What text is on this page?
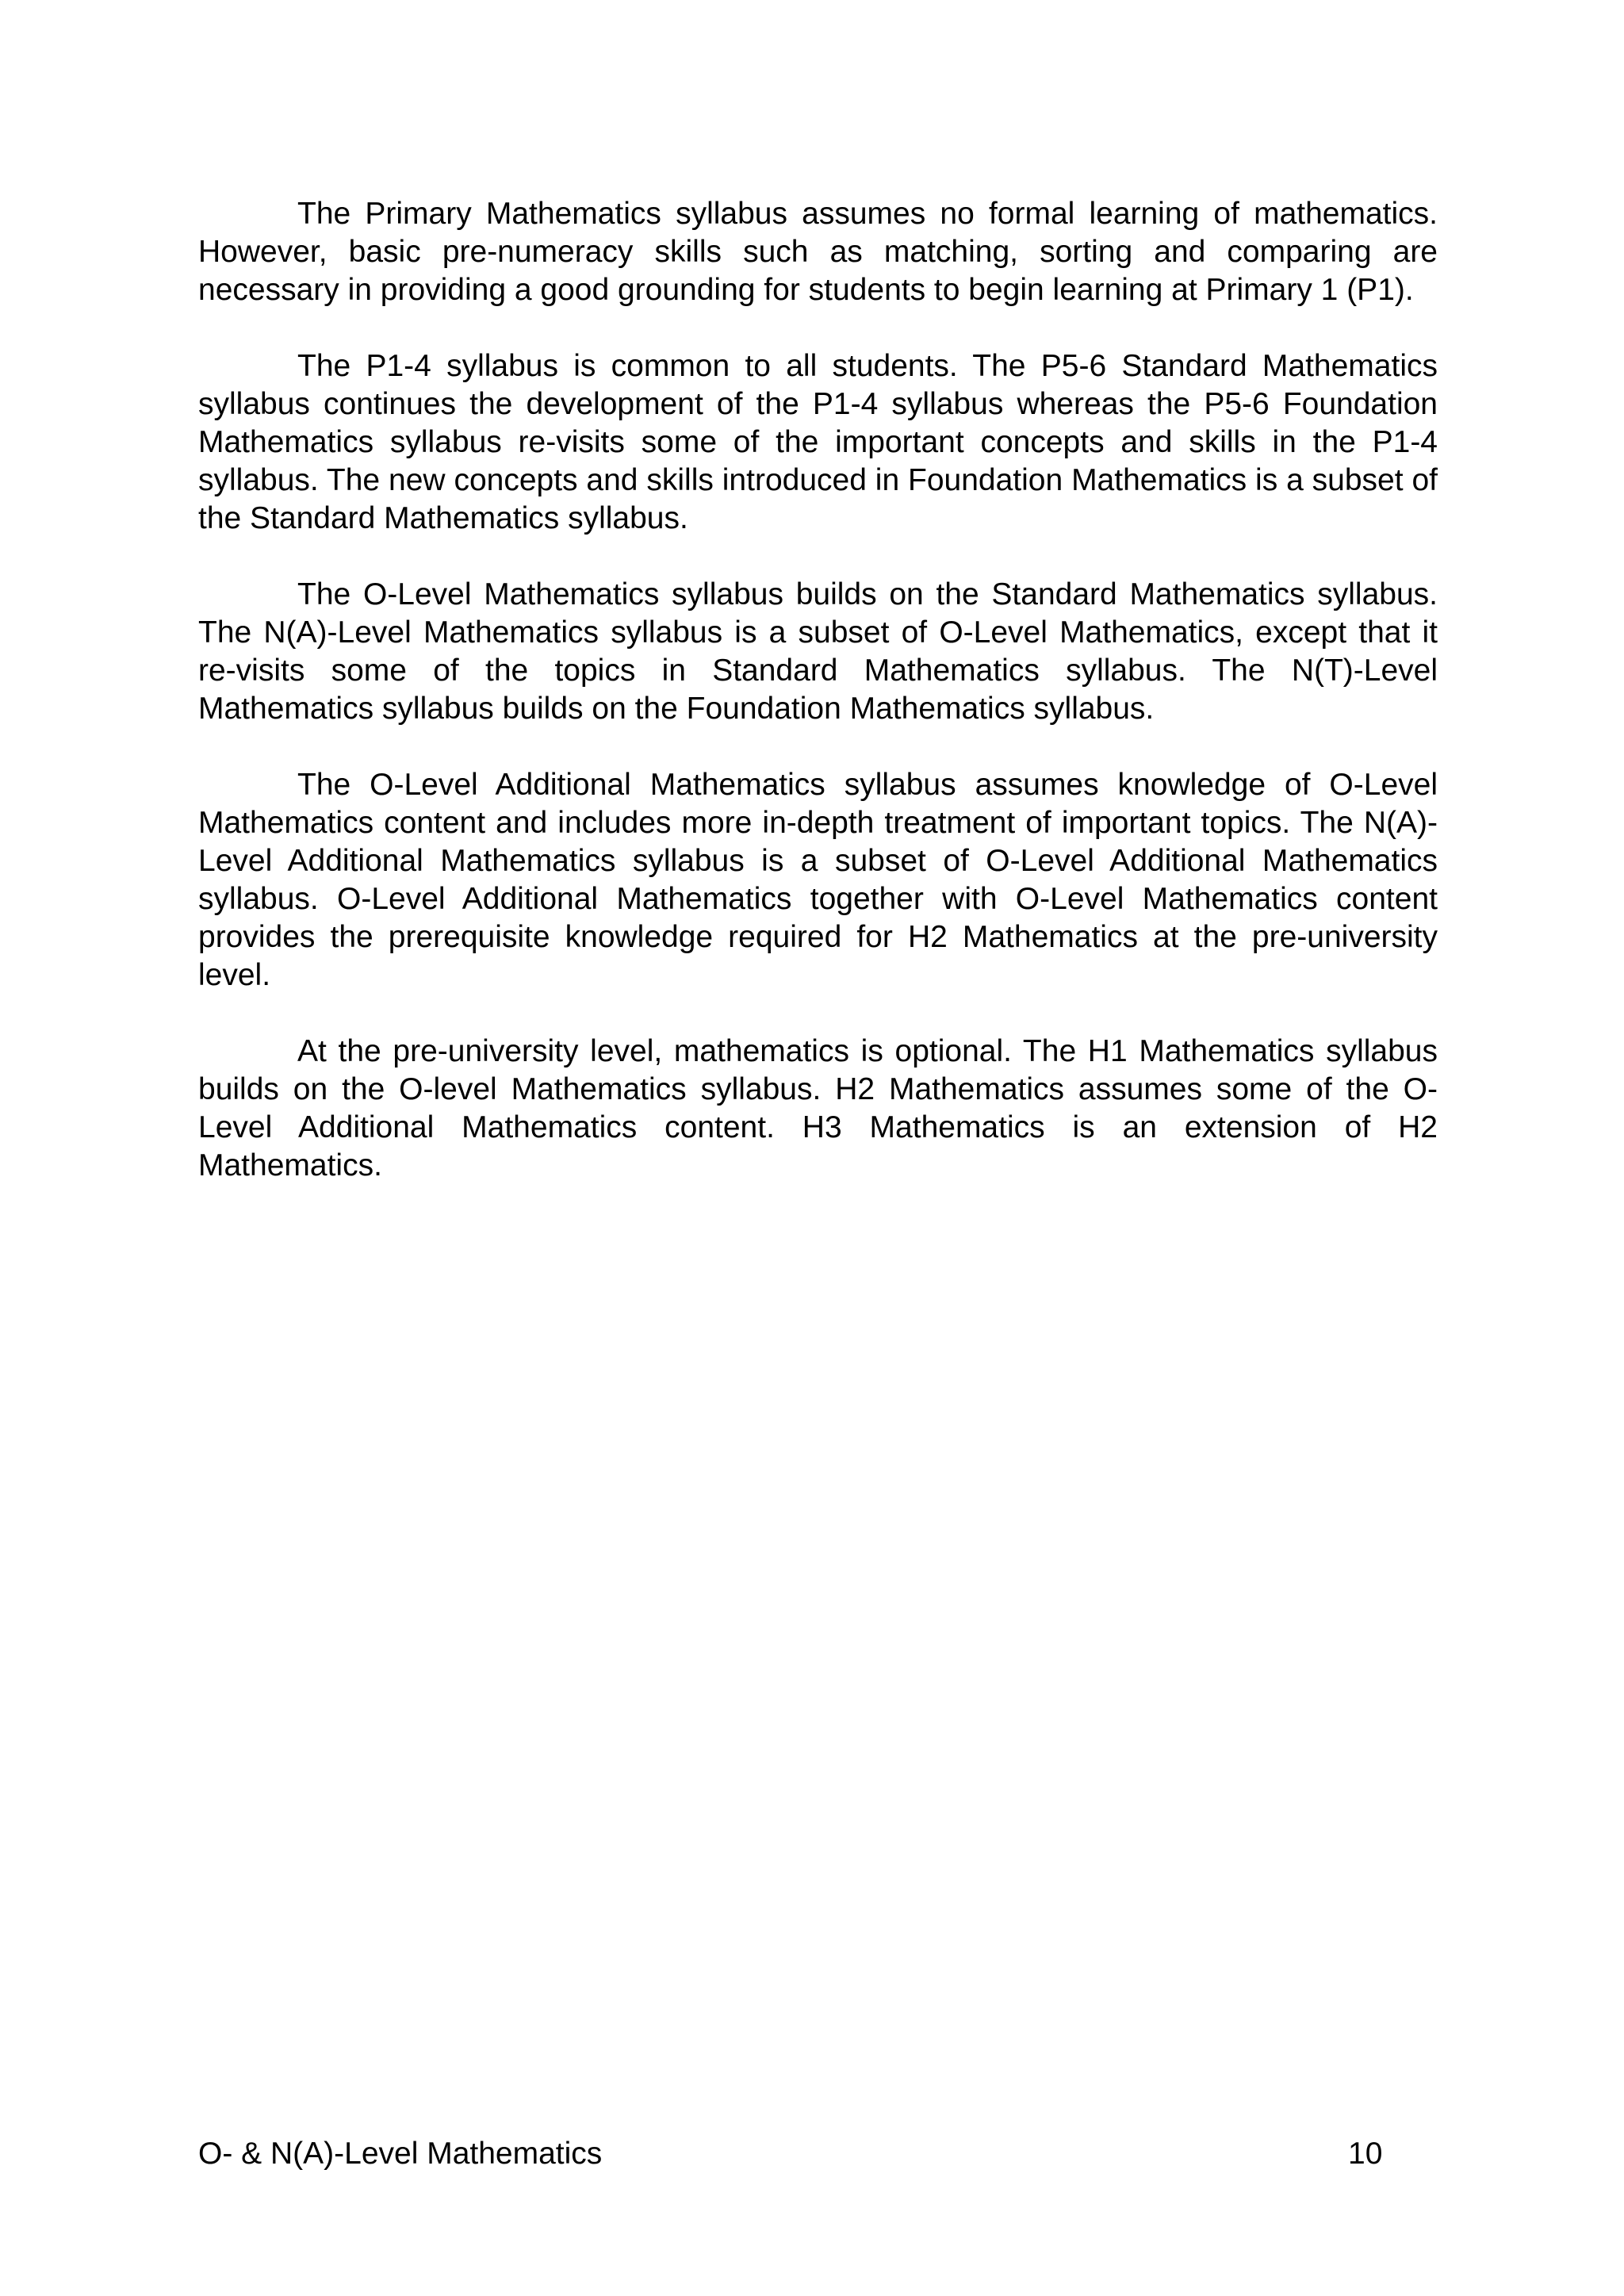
The Primary Mathematics syllabus assumes no formal learning of mathematics. However, basic pre-numeracy skills such as matching, sorting and comparing are necessary in providing a good grounding for students to begin learning at Primary 1 (P1).

The P1-4 syllabus is common to all students. The P5-6 Standard Mathematics syllabus continues the development of the P1-4 syllabus whereas the P5-6 Foundation Mathematics syllabus re-visits some of the important concepts and skills in the P1-4 syllabus. The new concepts and skills introduced in Foundation Mathematics is a subset of the Standard Mathematics syllabus.

The O-Level Mathematics syllabus builds on the Standard Mathematics syllabus. The N(A)-Level Mathematics syllabus is a subset of O-Level Mathematics, except that it re-visits some of the topics in Standard Mathematics syllabus. The N(T)-Level Mathematics syllabus builds on the Foundation Mathematics syllabus.

The O-Level Additional Mathematics syllabus assumes knowledge of O-Level Mathematics content and includes more in-depth treatment of important topics. The N(A)-Level Additional Mathematics syllabus is a subset of O-Level Additional Mathematics syllabus. O-Level Additional Mathematics together with O-Level Mathematics content provides the prerequisite knowledge required for H2 Mathematics at the pre-university level.

At the pre-university level, mathematics is optional. The H1 Mathematics syllabus builds on the O-level Mathematics syllabus. H2 Mathematics assumes some of the O-Level Additional Mathematics content. H3 Mathematics is an extension of H2 Mathematics.

O- & N(A)-Level Mathematics	10
